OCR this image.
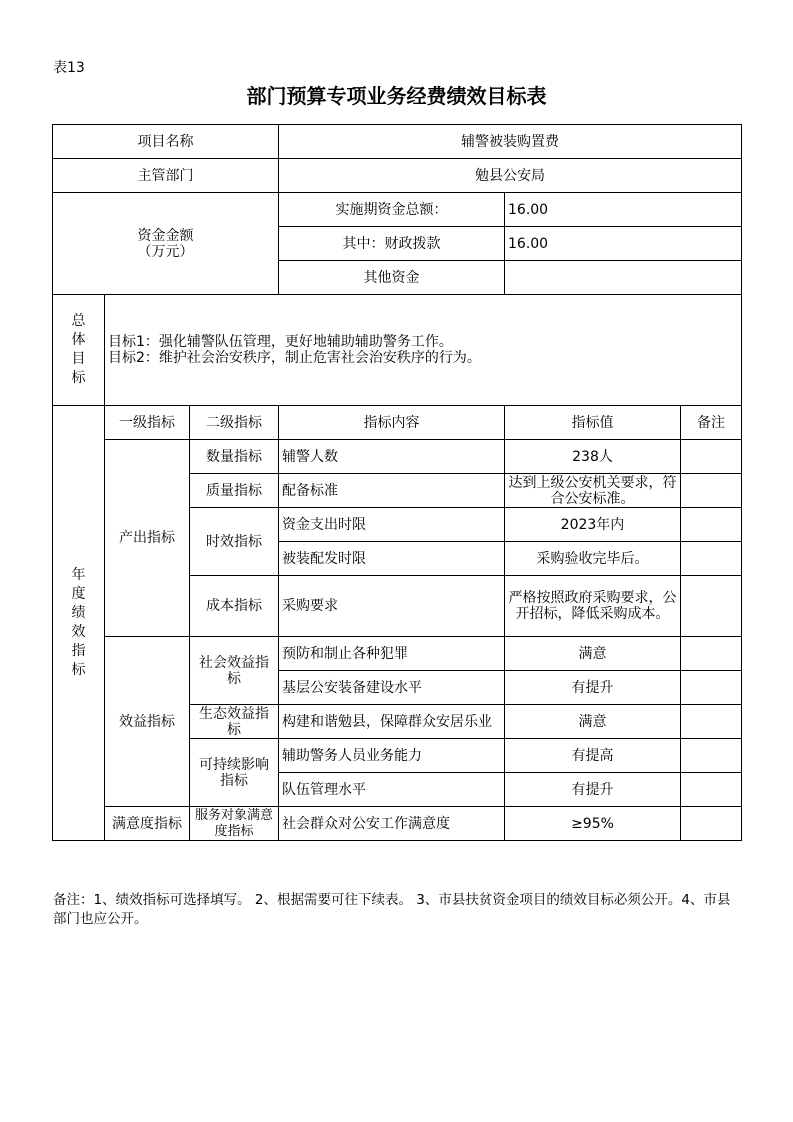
表13
部门预算专项业务经费绩效目标表
项目名称			辅警被装购置费		
主管部门			勉县公安局		

资金金额
（万元）			实施期资金总额：	16.00	
			其中：财政拨款	16.00	
			其他资金		

总体目标	目标1：强化辅警队伍管理，更好地辅助辅助警务工作。
目标2：维护社会治安秩序，制止危害社会治安秩序的行为。				

年度绩效指标	一级指标	二级指标	指标内容	指标值	备注
	产出指标	数量指标	辅警人数	238人	
		质量指标	配备标准	达到上级公安机关要求，符合公安标准。	

		时效指标	资金支出时限	2023年内	
			被装配发时限	采购验收完毕后。	
		成本指标	采购要求	严格按照政府采购要求，公开招标，降低采购成本。	

	效益指标	社会效益指标	预防和制止各种犯罪	满意	
			基层公安装备建设水平	有提升	

		生态效益指标	构建和谐勉县，保障群众安居乐业	满意	
		可持续影响指标	辅助警务人员业务能力	有提高	
			队伍管理水平	有提升	

	满意度指标	服务对象满意度指标	社会群众对公安工作满意度	≥95%	
备注：1、绩效指标可选择填写。 2、根据需要可往下续表。 3、市县扶贫资金项目的绩效目标必须公开。4、市县部门也应公开。
